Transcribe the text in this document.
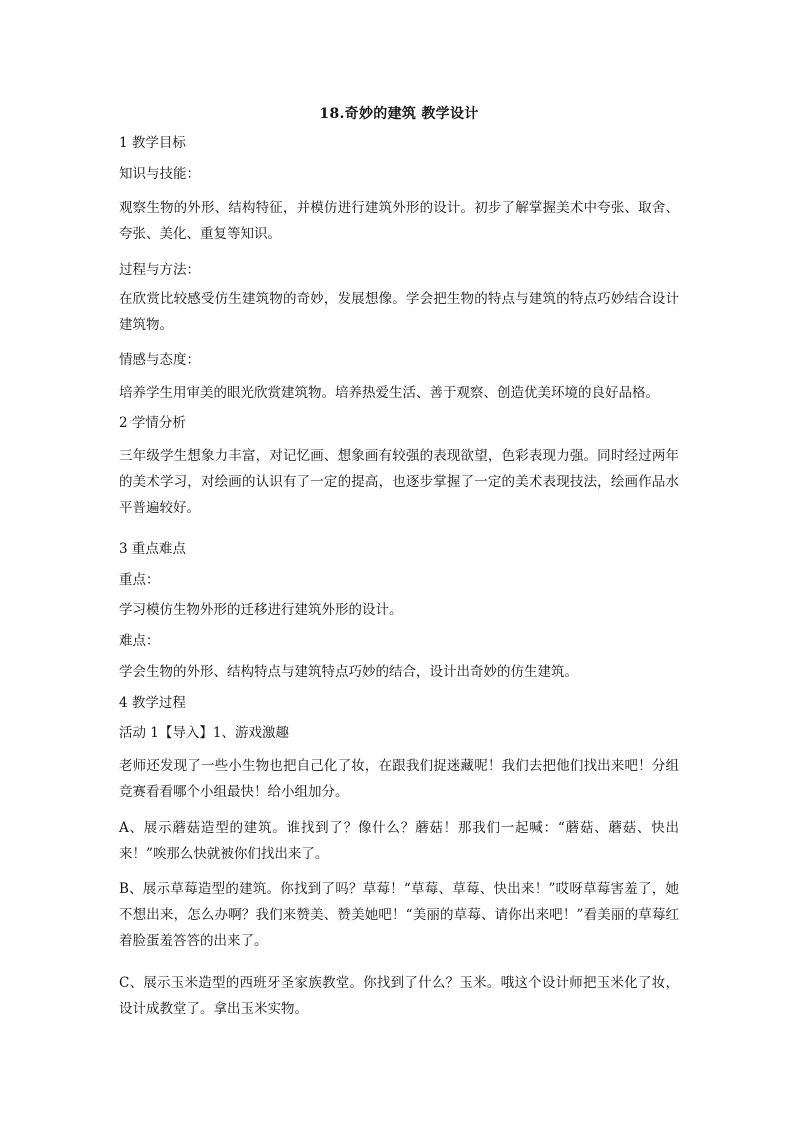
18.奇妙的建筑 教学设计

1 教学目标

知识与技能：

观察生物的外形、结构特征，并模仿进行建筑外形的设计。初步了解掌握美术中夸张、取舍、夸张、美化、重复等知识。

过程与方法：

在欣赏比较感受仿生建筑物的奇妙，发展想像。学会把生物的特点与建筑的特点巧妙结合设计建筑物。

情感与态度：

培养学生用审美的眼光欣赏建筑物。培养热爱生活、善于观察、创造优美环境的良好品格。

2 学情分析

三年级学生想象力丰富，对记忆画、想象画有较强的表现欲望，色彩表现力强。同时经过两年的美术学习，对绘画的认识有了一定的提高，也逐步掌握了一定的美术表现技法，绘画作品水平普遍较好。

3 重点难点

重点：

学习模仿生物外形的迁移进行建筑外形的设计。

难点：

学会生物的外形、结构特点与建筑特点巧妙的结合，设计出奇妙的仿生建筑。

4 教学过程

活动 1【导入】1、游戏激趣

老师还发现了一些小生物也把自己化了妆，在跟我们捉迷藏呢！我们去把他们找出来吧！分组竞赛看看哪个小组最快！给小组加分。

A、展示蘑菇造型的建筑。谁找到了？像什么？蘑菇！那我们一起喊：“蘑菇、蘑菇、快出来！”唉那么快就被你们找出来了。

B、展示草莓造型的建筑。你找到了吗？草莓！“草莓、草莓、快出来！”哎呀草莓害羞了，她不想出来，怎么办啊？我们来赞美、赞美她吧！“美丽的草莓、请你出来吧！”看美丽的草莓红着脸蛋羞答答的出来了。

C、展示玉米造型的西班牙圣家族教堂。你找到了什么？玉米。哦这个设计师把玉米化了妆，设计成教堂了。拿出玉米实物。
